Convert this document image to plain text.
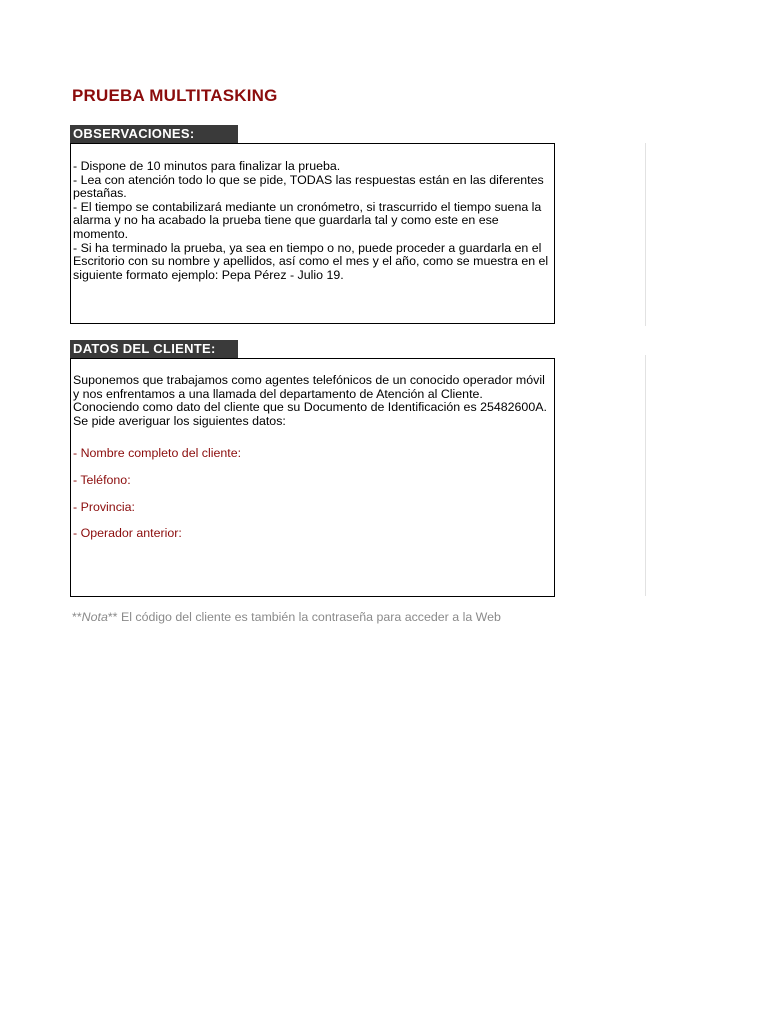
PRUEBA MULTITASKING
OBSERVACIONES:

- Dispone de 10 minutos para finalizar la prueba.

- Lea con atención todo lo que se pide, TODAS las respuestas están en las diferentes pestañas.

- El tiempo se contabilizará mediante un cronómetro, si trascurrido el tiempo suena la alarma y no ha acabado la prueba tiene que guardarla tal y como este en ese momento.

- Si ha terminado la prueba, ya sea en tiempo o no, puede proceder a guardarla en el Escritorio con su nombre y apellidos, así como el mes y el año, como se muestra en el siguiente formato ejemplo: Pepa Pérez - Julio 19.

DATOS DEL CLIENTE:

Suponemos que trabajamos como agentes telefónicos de un conocido operador móvil y nos enfrentamos a una llamada del departamento de Atención al Cliente. Conociendo como dato del cliente que su Documento de Identificación es 25482600A. Se pide averiguar los siguientes datos:

- Nombre completo del cliente:

- Teléfono:

- Provincia:

- Operador anterior:

**Nota** El código del cliente es también la contraseña para acceder a la Web
